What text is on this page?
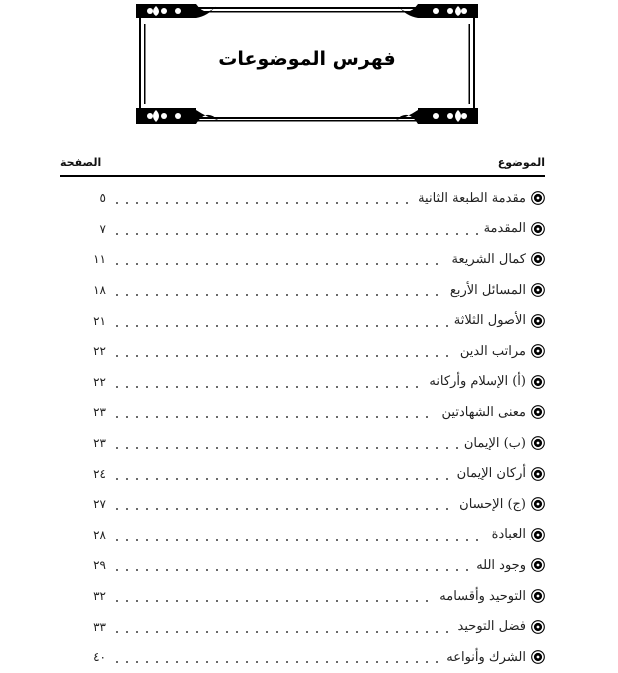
فهرس الموضوعات
الموضوع
الصفحة
مقدمة الطبعة الثانية
٥
المقدمة
٧
كمال الشريعة
١١
المسائل الأربع
١٨
الأصول الثلاثة
٢١
مراتب الدين
٢٢
(أ) الإسلام وأركانه
٢٢
معنى الشهادتين
٢٣
(ب) الإيمان
٢٣
أركان الإيمان
٢٤
(ج) الإحسان
٢٧
العبادة
٢٨
وجود الله
٢٩
التوحيد وأقسامه
٣٢
فضل التوحيد
٣٣
الشرك وأنواعه
٤٠
